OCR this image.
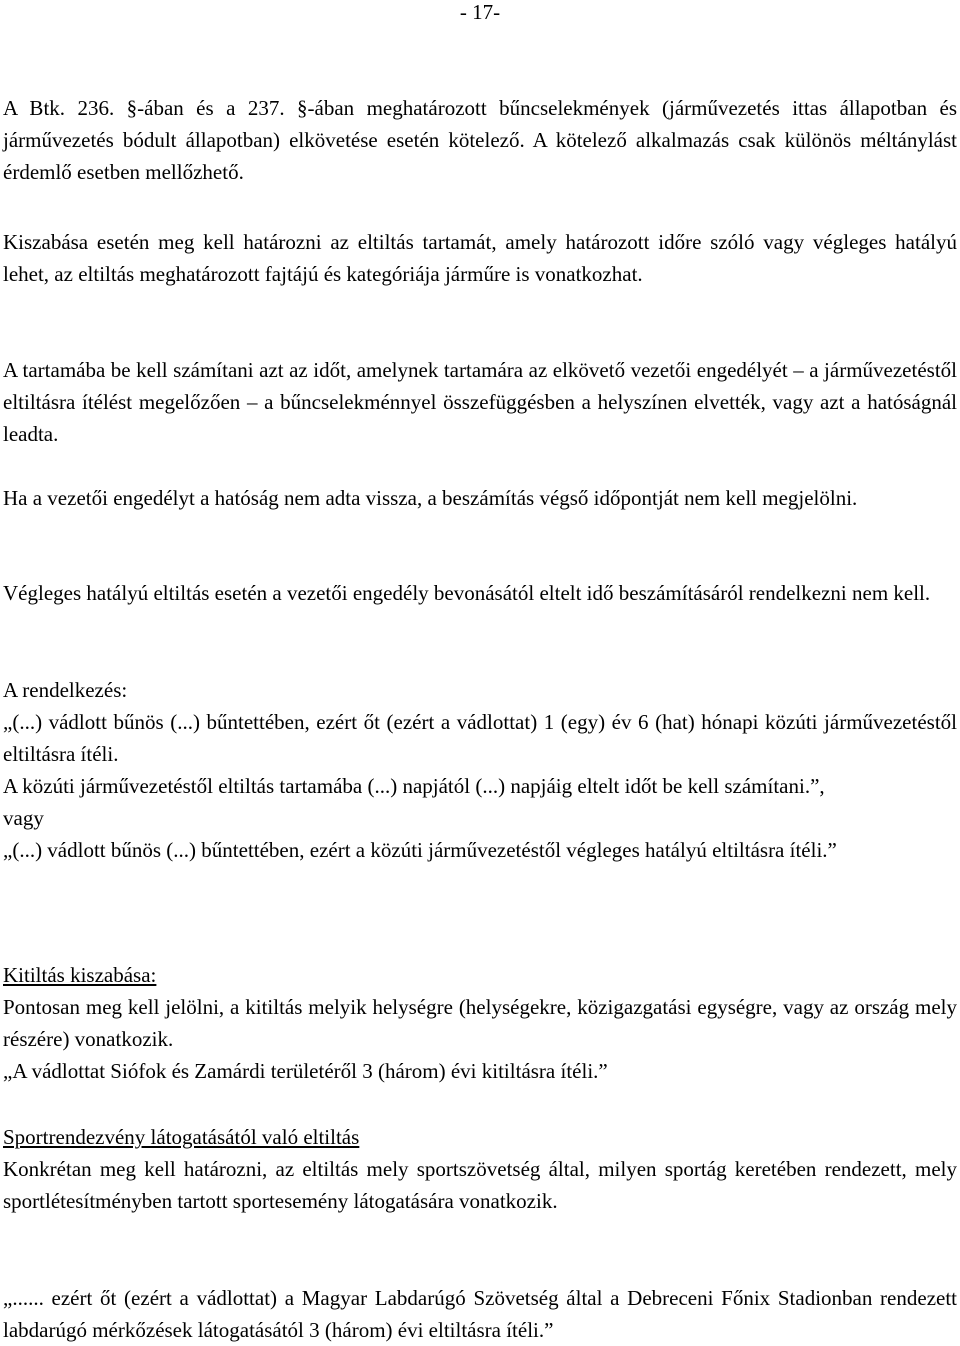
- 17-

A Btk. 236. §-ában és a 237. §-ában meghatározott bűncselekmények (járművezetés ittas állapotban és járművezetés bódult állapotban) elkövetése esetén kötelező. A kötelező alkalmazás csak különös méltánylást érdemlő esetben mellőzhető.

Kiszabása esetén meg kell határozni az eltiltás tartamát, amely határozott időre szóló vagy végleges hatályú lehet, az eltiltás meghatározott fajtájú és kategóriája járműre is vonatkozhat.

A tartamába be kell számítani azt az időt, amelynek tartamára az elkövető vezetői engedélyét – a járművezetéstől eltiltásra ítélést megelőzően – a bűncselekménnyel összefüggésben a helyszínen elvették, vagy azt a hatóságnál leadta.

Ha a vezetői engedélyt a hatóság nem adta vissza, a beszámítás végső időpontját nem kell megjelölni.

Végleges hatályú eltiltás esetén a vezetői engedély bevonásától eltelt idő beszámításáról rendelkezni nem kell.

A rendelkezés:

„(...) vádlott bűnös (...) bűntettében, ezért őt (ezért a vádlottat) 1 (egy) év 6 (hat) hónapi közúti járművezetéstől eltiltásra ítéli.

A közúti járművezetéstől eltiltás tartamába (...) napjától (...) napjáig eltelt időt be kell számítani.”,

vagy

„(...) vádlott bűnös (...) bűntettében, ezért a közúti járművezetéstől végleges hatályú eltiltásra ítéli.”

Kitiltás kiszabása:

Pontosan meg kell jelölni, a kitiltás melyik helységre (helységekre, közigazgatási egységre, vagy az ország mely részére) vonatkozik.

„A vádlottat Siófok és Zamárdi területéről 3 (három) évi kitiltásra ítéli.”

Sportrendezvény látogatásától való eltiltás

Konkrétan meg kell határozni, az eltiltás mely sportszövetség által, milyen sportág keretében rendezett, mely sportlétesítményben tartott sportesemény látogatására vonatkozik.

„...... ezért őt (ezért a vádlottat) a Magyar Labdarúgó Szövetség által a Debreceni Főnix Stadionban rendezett labdarúgó mérkőzések látogatásától 3 (három) évi eltiltásra ítéli.”
